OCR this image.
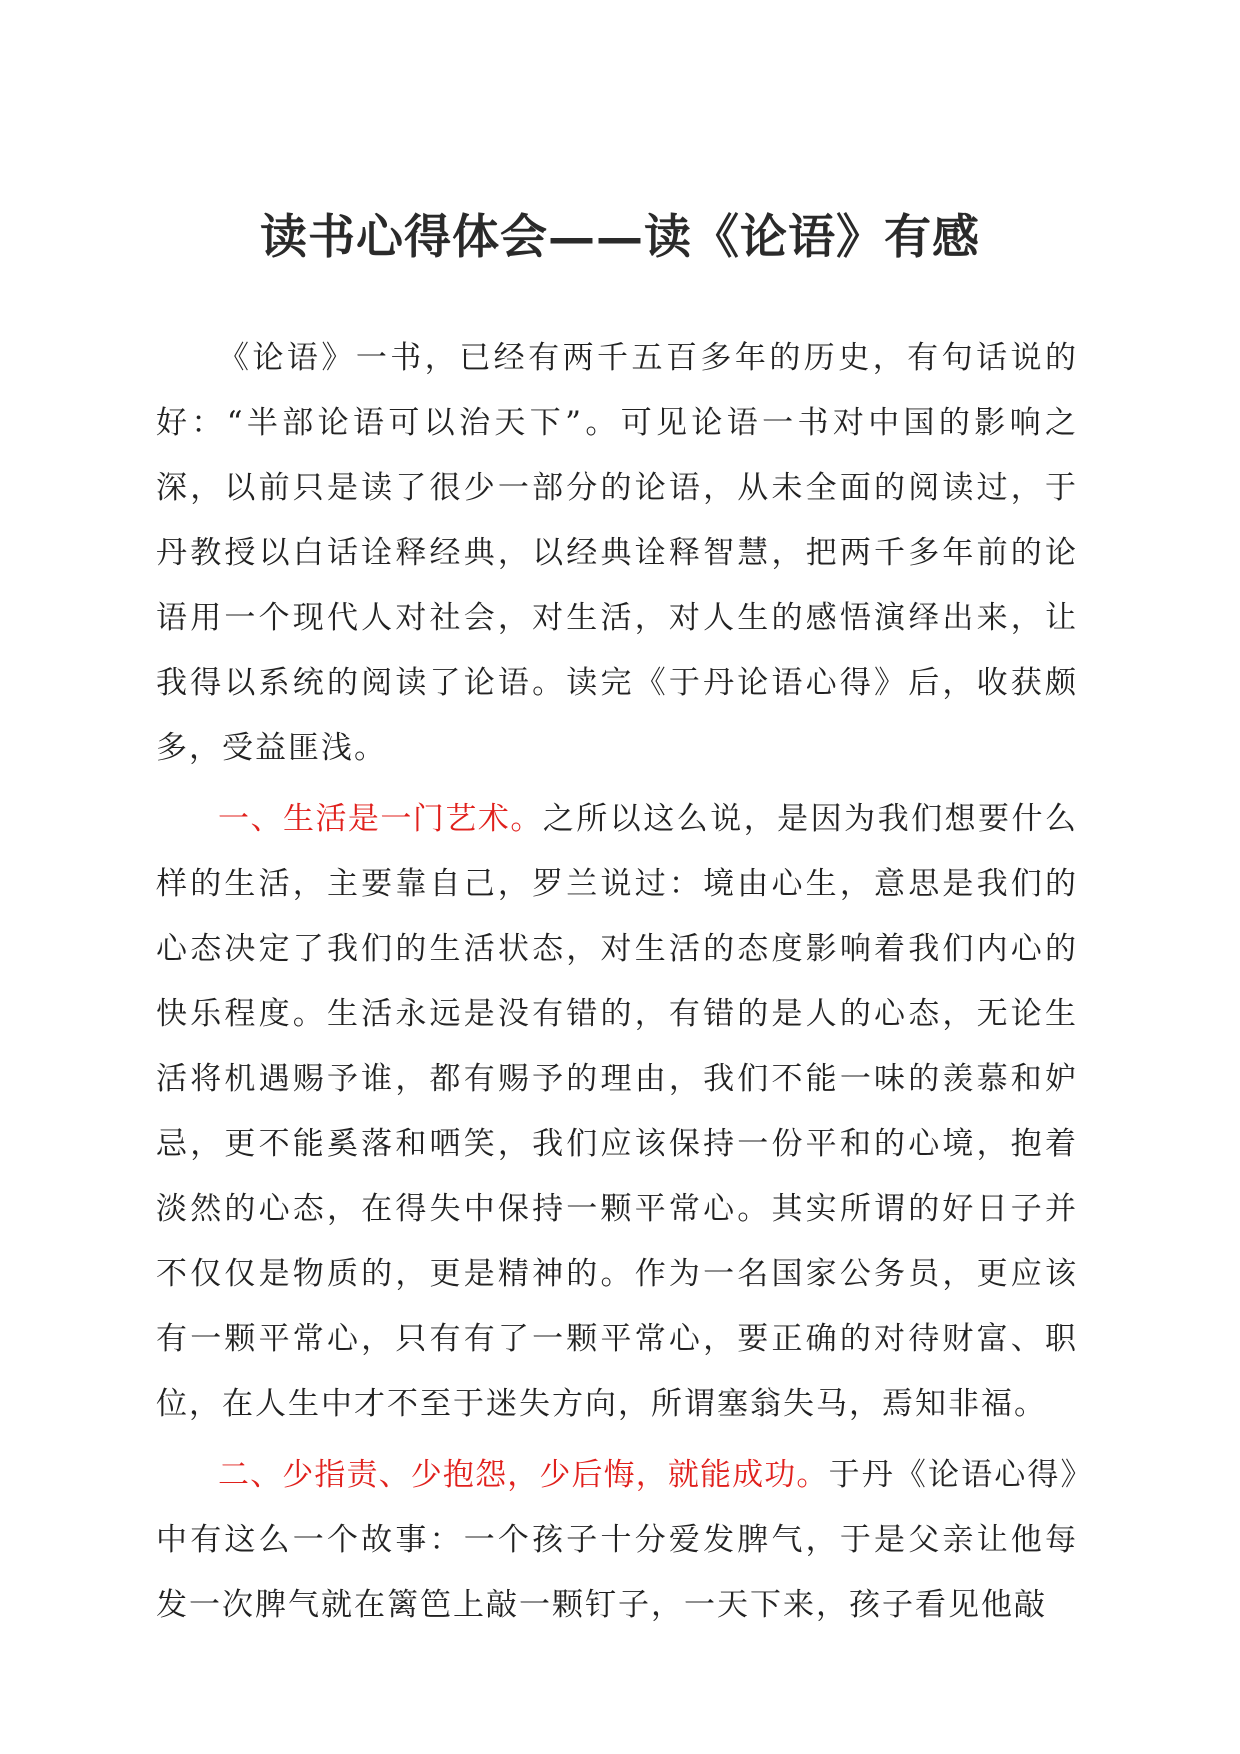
读书心得体会——读《论语》有感

《论语》一书，已经有两千五百多年的历史，有句话说的好：“半部论语可以治天下”。可见论语一书对中国的影响之深，以前只是读了很少一部分的论语，从未全面的阅读过，于丹教授以白话诠释经典，以经典诠释智慧，把两千多年前的论语用一个现代人对社会，对生活，对人生的感悟演绎出来，让我得以系统的阅读了论语。读完《于丹论语心得》后，收获颇多，受益匪浅。

一、生活是一门艺术。之所以这么说，是因为我们想要什么样的生活，主要靠自己，罗兰说过：境由心生，意思是我们的心态决定了我们的生活状态，对生活的态度影响着我们内心的快乐程度。生活永远是没有错的，有错的是人的心态，无论生活将机遇赐予谁，都有赐予的理由，我们不能一味的羡慕和妒忌，更不能奚落和哂笑，我们应该保持一份平和的心境，抱着淡然的心态，在得失中保持一颗平常心。其实所谓的好日子并不仅仅是物质的，更是精神的。作为一名国家公务员，更应该有一颗平常心，只有有了一颗平常心，要正确的对待财富、职位，在人生中才不至于迷失方向，所谓塞翁失马，焉知非福。

二、少指责、少抱怨，少后悔，就能成功。于丹《论语心得》中有这么一个故事：一个孩子十分爱发脾气，于是父亲让他每发一次脾气就在篱笆上敲一颗钉子，一天下来，孩子看见他敲
